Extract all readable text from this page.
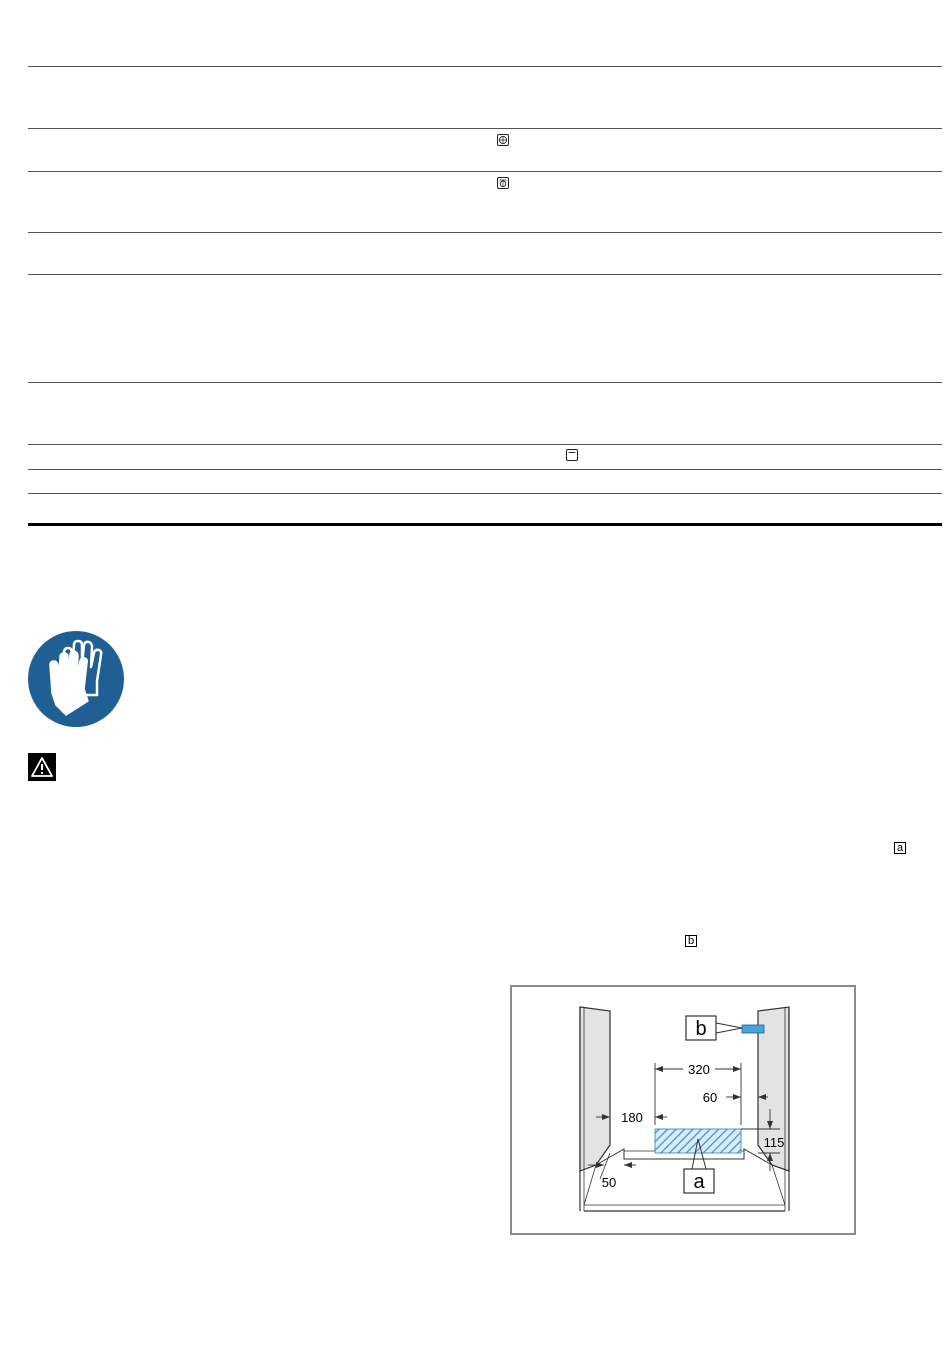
a
b
320
60
180
115
50
b
a
